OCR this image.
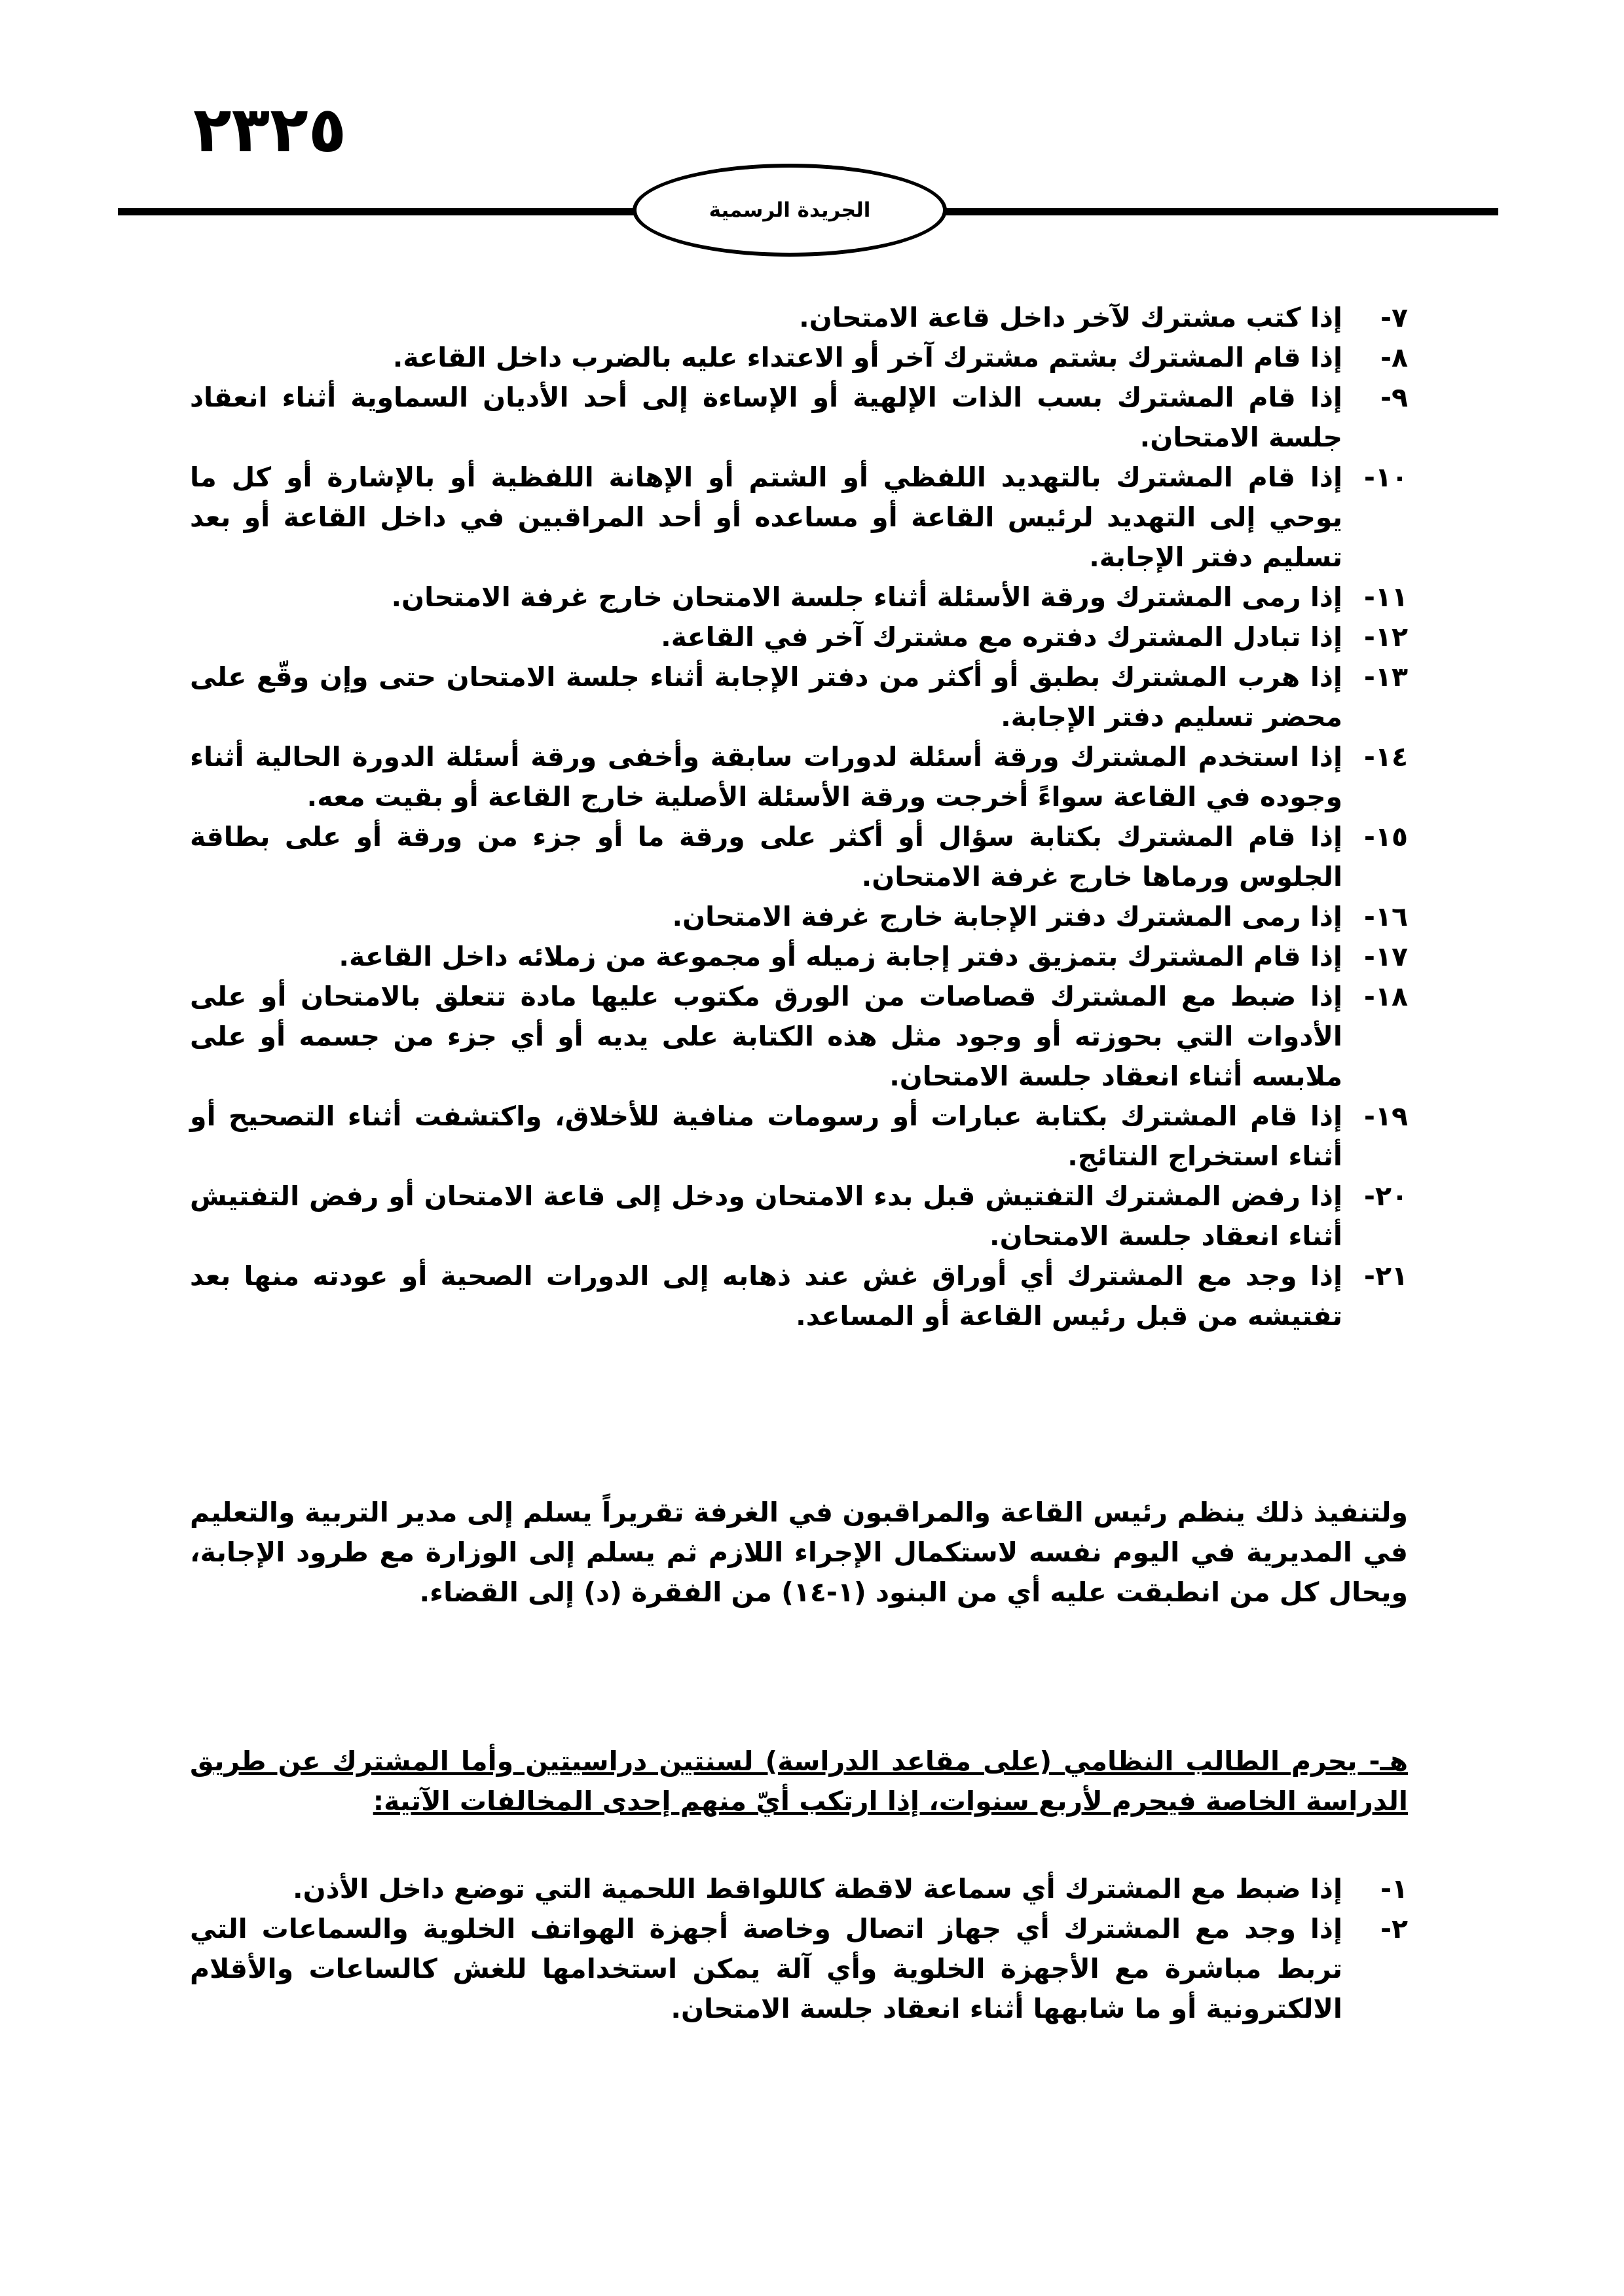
٢٣٢٥
الجريدة الرسمية
٧-
إذا كتب مشترك لآخر داخل قاعة الامتحان.
٨-
إذا قام المشترك بشتم مشترك آخر أو الاعتداء عليه بالضرب داخل القاعة.
٩-
إذا قام المشترك بسب الذات الإلهية أو الإساءة إلى أحد الأديان السماوية أثناء انعقاد جلسة الامتحان.
١٠-
إذا قام المشترك بالتهديد اللفظي أو الشتم أو الإهانة اللفظية أو بالإشارة أو كل ما يوحي إلى التهديد لرئيس القاعة أو مساعده أو أحد المراقبين في داخل القاعة أو بعد تسليم دفتر الإجابة.
١١-
إذا رمى المشترك ورقة الأسئلة أثناء جلسة الامتحان خارج غرفة الامتحان.
١٢-
إذا تبادل المشترك دفتره مع مشترك آخر في القاعة.
١٣-
إذا هرب المشترك بطبق أو أكثر من دفتر الإجابة أثناء جلسة الامتحان حتى وإن وقّع على محضر تسليم دفتر الإجابة.
١٤-
إذا استخدم المشترك ورقة أسئلة لدورات سابقة وأخفى ورقة أسئلة الدورة الحالية أثناء وجوده في القاعة سواءً أخرجت ورقة الأسئلة الأصلية خارج القاعة أو بقيت معه.
١٥-
إذا قام المشترك بكتابة سؤال أو أكثر على ورقة ما أو جزء من ورقة أو على بطاقة الجلوس ورماها خارج غرفة الامتحان.
١٦-
إذا رمى المشترك دفتر الإجابة خارج غرفة الامتحان.
١٧-
إذا قام المشترك بتمزيق دفتر إجابة زميله أو مجموعة من زملائه داخل القاعة.
١٨-
إذا ضبط مع المشترك قصاصات من الورق مكتوب عليها مادة تتعلق بالامتحان أو على الأدوات التي بحوزته أو وجود مثل هذه الكتابة على يديه أو أي جزء من جسمه أو على ملابسه أثناء انعقاد جلسة الامتحان.
١٩-
إذا قام المشترك بكتابة عبارات أو رسومات منافية للأخلاق، واكتشفت أثناء التصحيح أو أثناء استخراج النتائج.
٢٠-
إذا رفض المشترك التفتيش قبل بدء الامتحان ودخل إلى قاعة الامتحان أو رفض التفتيش أثناء انعقاد جلسة الامتحان.
٢١-
إذا وجد مع المشترك أي أوراق غش عند ذهابه إلى الدورات الصحية أو عودته منها بعد تفتيشه من قبل رئيس القاعة أو المساعد.
ولتنفيذ ذلك ينظم رئيس القاعة والمراقبون في الغرفة تقريراً يسلم إلى مدير التربية والتعليم في المديرية في اليوم نفسه لاستكمال الإجراء اللازم ثم يسلم إلى الوزارة مع طرود الإجابة، ويحال كل من انطبقت عليه أي من البنود (١-١٤) من الفقرة (د) إلى القضاء.
هـ- يحرم الطالب النظامي (على مقاعد الدراسة) لسنتين دراسيتين وأما المشترك عن طريق الدراسة الخاصة فيحرم لأربع سنوات، إذا ارتكب أيّ منهم إحدى المخالفات الآتية:
١-
إذا ضبط مع المشترك أي سماعة لاقطة كاللواقط اللحمية التي توضع داخل الأذن.
٢-
إذا وجد مع المشترك أي جهاز اتصال وخاصة أجهزة الهواتف الخلوية والسماعات التي تربط مباشرة مع الأجهزة الخلوية وأي آلة يمكن استخدامها للغش كالساعات والأقلام الالكترونية أو ما شابهها أثناء انعقاد جلسة الامتحان.
